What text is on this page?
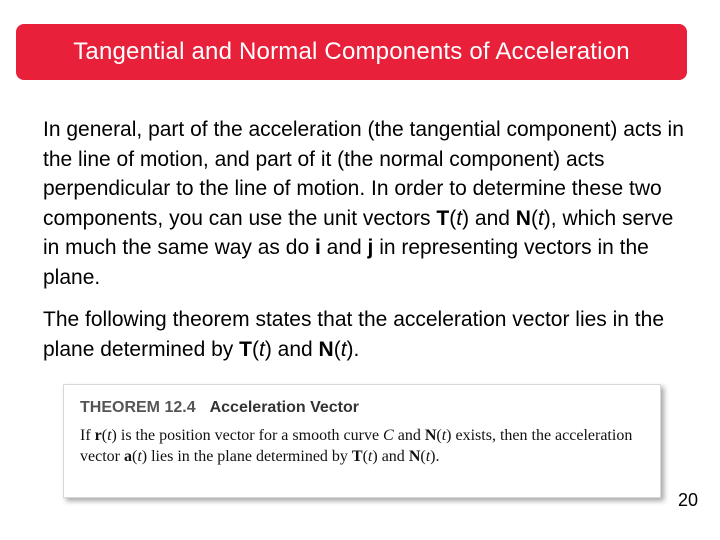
Tangential and Normal Components of Acceleration

In general, part of the acceleration (the tangential component) acts in the line of motion, and part of it (the normal component) acts perpendicular to the line of motion. In order to determine these two components, you can use the unit vectors T(t) and N(t), which serve in much the same way as do i and j in representing vectors in the plane.

The following theorem states that the acceleration vector lies in the plane determined by T(t) and N(t).

THEOREM 12.4 Acceleration Vector
If r(t) is the position vector for a smooth curve C and N(t) exists, then the acceleration vector a(t) lies in the plane determined by T(t) and N(t).
20
